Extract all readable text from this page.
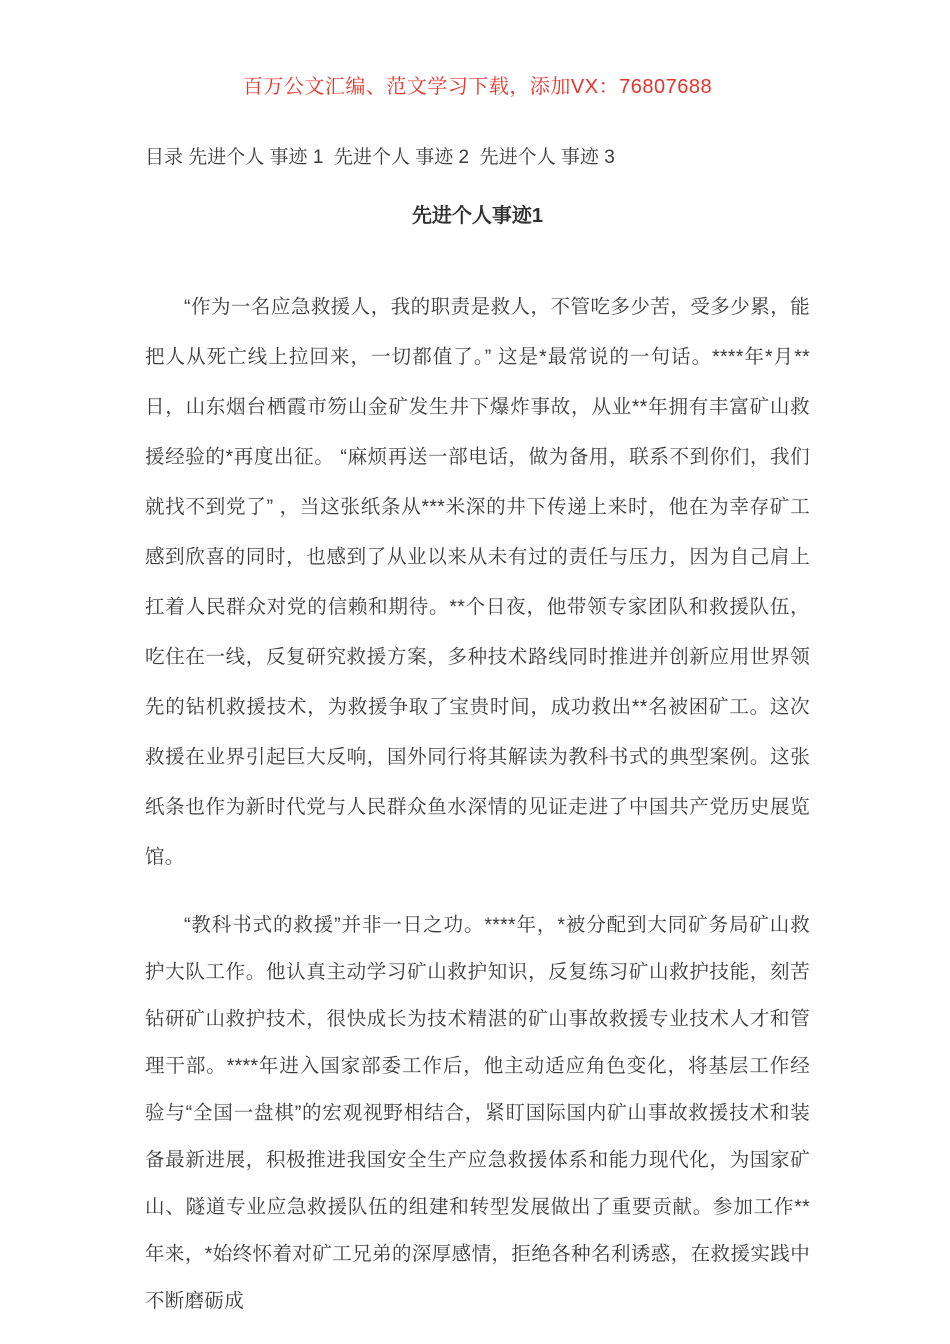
百万公文汇编、范文学习下载，添加VX：76807688
目录 先进个人 事迹 1  先进个人 事迹 2  先进个人 事迹 3
先进个人事迹1

“作为一名应急救援人，我的职责是救人，不管吃多少苦，受多少累，能把人从死亡线上拉回来，一切都值了。” 这是*最常说的一句话。****年*月**日，山东烟台栖霞市笏山金矿发生井下爆炸事故，从业**年拥有丰富矿山救援经验的*再度出征。 “麻烦再送一部电话，做为备用，联系不到你们，我们就找不到党了” ，当这张纸条从***米深的井下传递上来时，他在为幸存矿工感到欣喜的同时，也感到了从业以来从未有过的责任与压力，因为自己肩上扛着人民群众对党的信赖和期待。**个日夜，他带领专家团队和救援队伍，吃住在一线，反复研究救援方案，多种技术路线同时推进并创新应用世界领先的钻机救援技术，为救援争取了宝贵时间，成功救出**名被困矿工。这次救援在业界引起巨大反响，国外同行将其解读为教科书式的典型案例。这张纸条也作为新时代党与人民群众鱼水深情的见证走进了中国共产党历史展览馆。

“教科书式的救援”并非一日之功。****年，*被分配到大同矿务局矿山救护大队工作。他认真主动学习矿山救护知识，反复练习矿山救护技能，刻苦钻研矿山救护技术，很快成长为技术精湛的矿山事故救援专业技术人才和管理干部。****年进入国家部委工作后，他主动适应角色变化，将基层工作经验与“全国一盘棋”的宏观视野相结合，紧盯国际国内矿山事故救援技术和装备最新进展，积极推进我国安全生产应急救援体系和能力现代化，为国家矿山、隧道专业应急救援队伍的组建和转型发展做出了重要贡献。参加工作**年来，*始终怀着对矿工兄弟的深厚感情，拒绝各种名利诱惑，在救援实践中不断磨砺成
